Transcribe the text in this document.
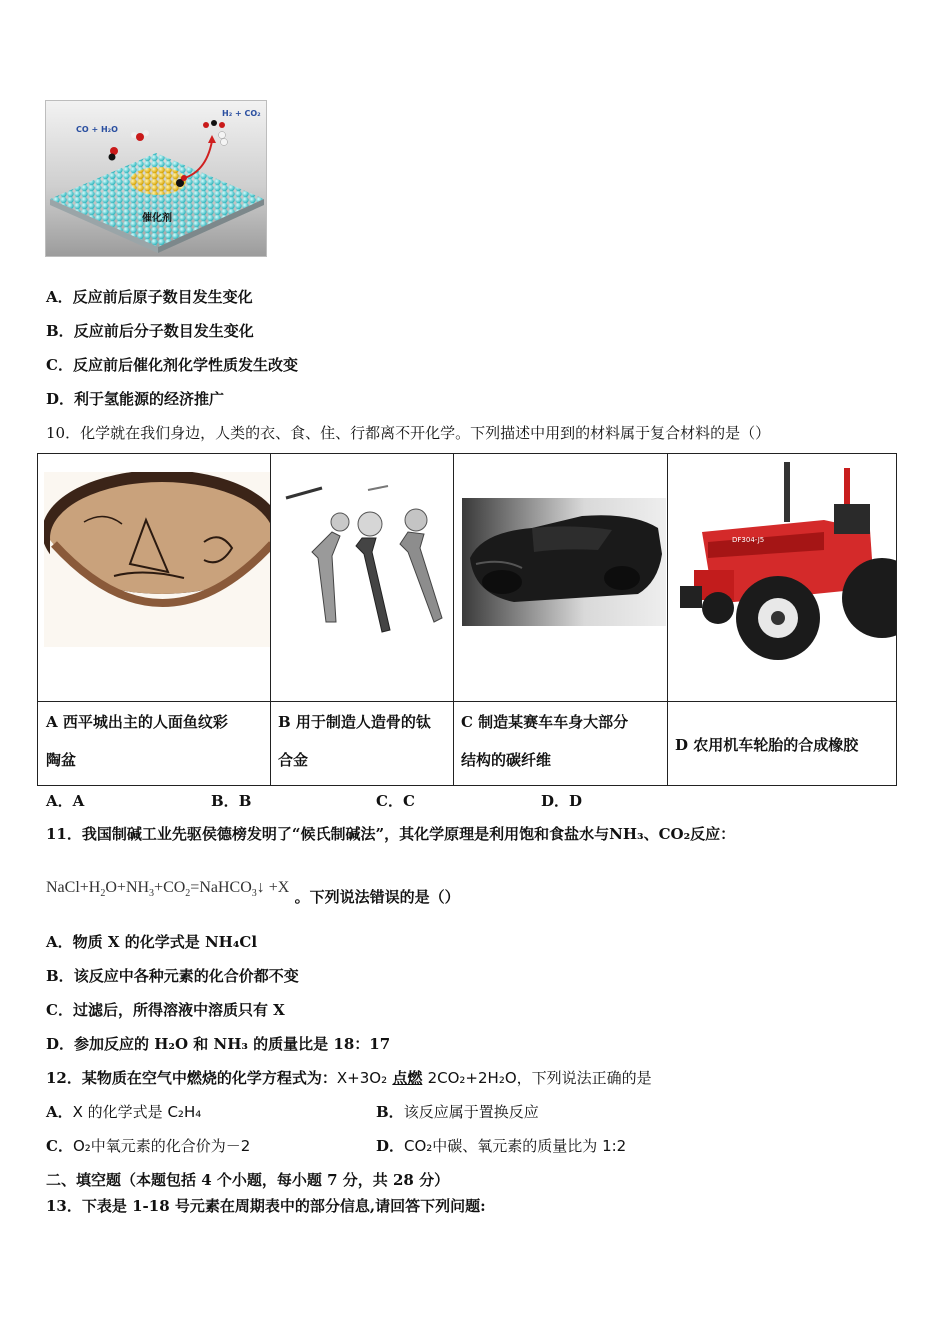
CO + H₂O
H₂ + CO₂
催化剂
A．反应前后原子数目发生变化
B．反应前后分子数目发生变化
C．反应前后催化剂化学性质发生改变
D．利于氢能源的经济推广
10．化学就在我们身边，人类的衣、食、住、行都离不开化学。下列描述中用到的材料属于复合材料的是（）
DF304-J5
A 西平城出主的人面鱼纹彩
陶盆
B 用于制造人造骨的钛
合金
C 制造某赛车车身大部分
结构的碳纤维
D 农用机车轮胎的合成橡胶
A．A	B．B	C．C	D．D
11．我国制碱工业先驱侯德榜发明了“候氏制碱法”，其化学原理是利用饱和食盐水与NH₃、CO₂反应：
$NaCl+H_2O+NH_3+CO_2=NaHCO_3↓ +X$ 。下列说法错误的是（）
A．物质 X 的化学式是 NH₄Cl
B．该反应中各种元素的化合价都不变
C．过滤后，所得溶液中溶质只有 X
D．参加反应的 H₂O 和 NH₃ 的质量比是 18：17
12．某物质在空气中燃烧的化学方程式为：X+3O₂ 点燃 2CO₂+2H₂O，下列说法正确的是
A．X 的化学式是 C₂H₄	B．该反应属于置换反应
C．O₂中氧元素的化合价为－2	D．CO₂中碳、氧元素的质量比为 1:2
二、填空题（本题包括 4 个小题，每小题 7 分，共 28 分）
13．下表是 1-18 号元素在周期表中的部分信息,请回答下列问题:
